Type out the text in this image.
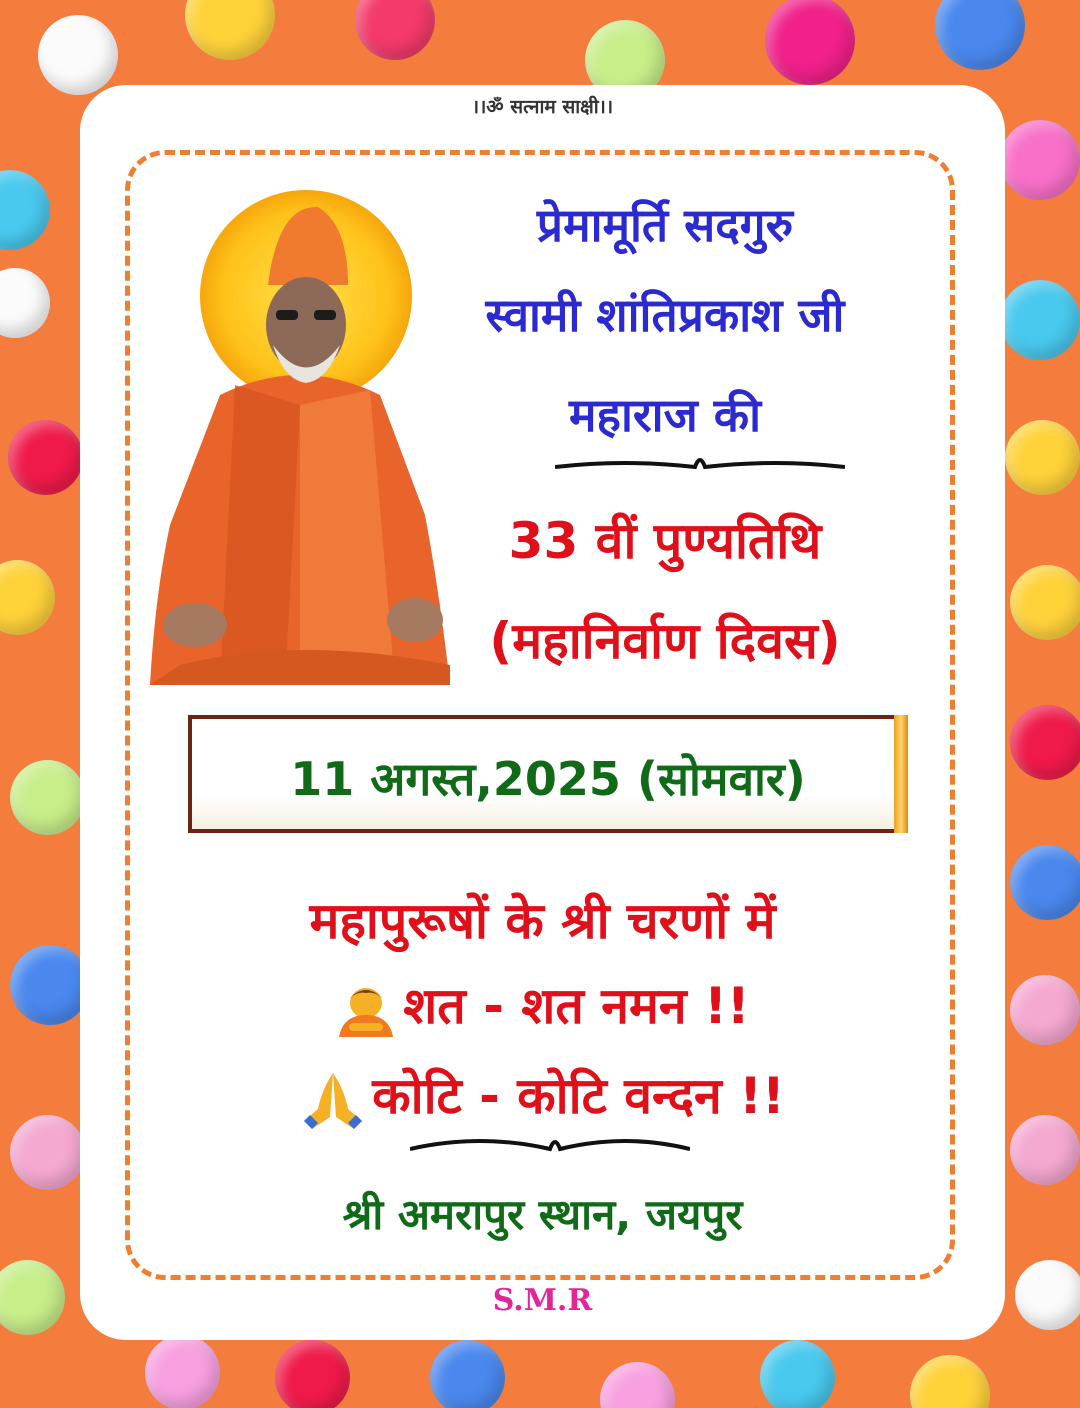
।।ॐ सत्नाम साक्षी।।
प्रेमामूर्ति सदगुरु
स्वामी शांतिप्रकाश जी
महाराज की
33 वीं पुण्यतिथि
(महानिर्वाण दिवस)
11 अगस्त,2025 (सोमवार)
महापुरूषों के श्री चरणों में
शत - शत नमन !!
कोटि - कोटि वन्दन !!
श्री अमरापुर स्थान, जयपुर
S.M.R
